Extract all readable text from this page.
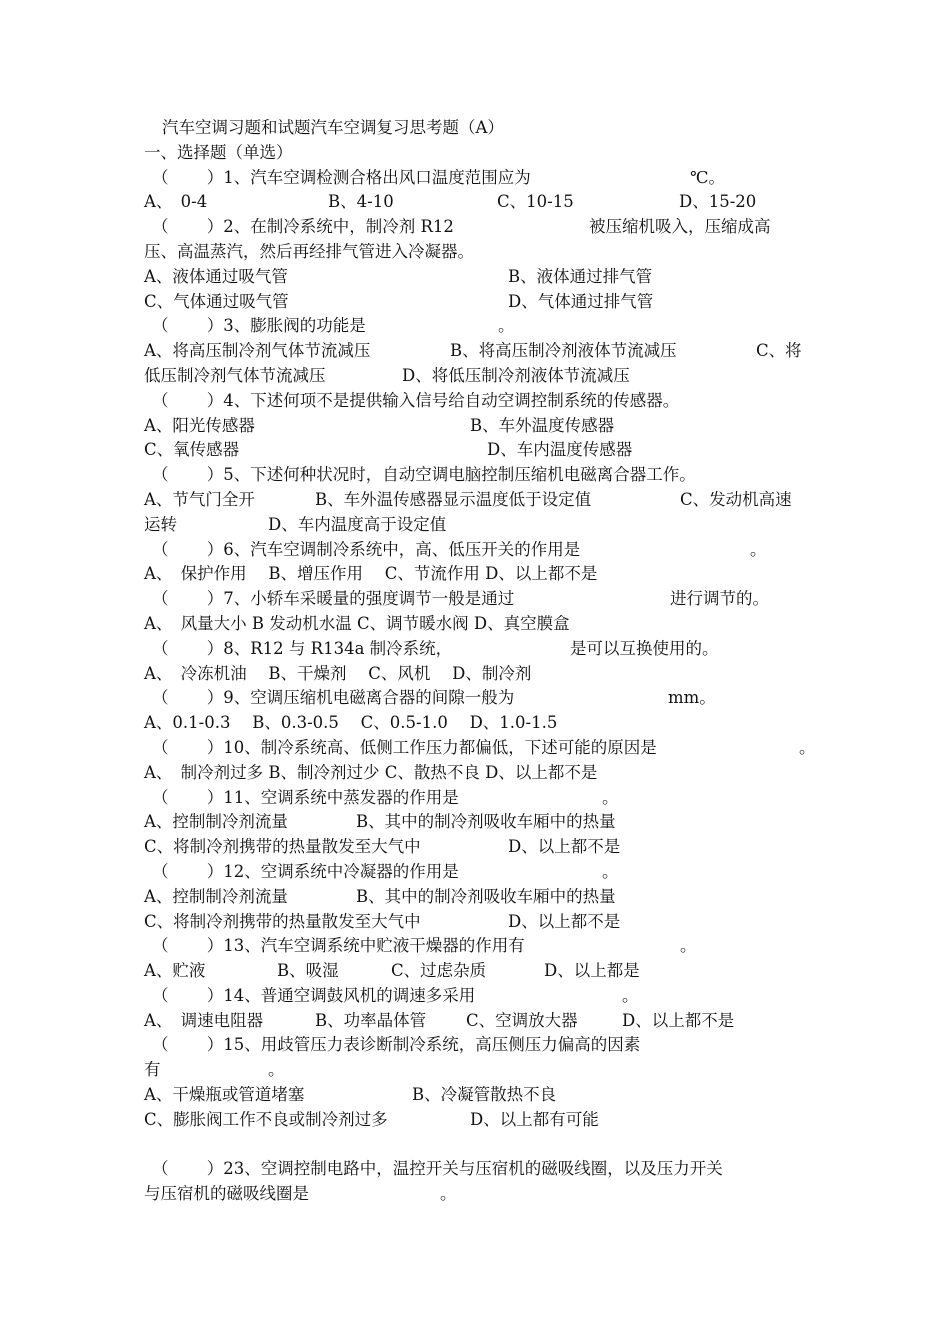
汽车空调习题和试题汽车空调复习思考题（A）
一、选择题（单选）

（　　 ）1、汽车空调检测合格出风口温度范围应为

	℃。

A、　0-4

	B、4-10

	C、10-15

	D、15-20

（　　 ）2、在制冷系统中，制冷剂 R12

	被压缩机吸入，压缩成高

压、高温蒸汽，然后再经排气管进入冷凝器。

A、液体通过吸气管

	B、液体通过排气管

C、气体通过吸气管

	D、气体通过排气管

（　　 ）3、膨胀阀的功能是

	。

A、将高压制冷剂气体节流减压

	B、将高压制冷剂液体节流减压

	C、将

低压制冷剂气体节流减压

	D、将低压制冷剂液体节流减压

（　　 ）4、下述何项不是提供输入信号给自动空调控制系统的传感器。

A、阳光传感器

	B、车外温度传感器

C、氧传感器

	D、车内温度传感器

（　　 ）5、下述何种状况时，自动空调电脑控制压缩机电磁离合器工作。

A、节气门全开

	B、车外温传感器显示温度低于设定值

	C、发动机高速

运转

	D、车内温度高于设定值

（　　 ）6、汽车空调制冷系统中，高、低压开关的作用是

	。

A、　保护作用　 B、增压作用　 C、节流作用 D、以上都不是

（　　 ）7、小轿车采暖量的强度调节一般是通过

	进行调节的。

A、　风量大小 B 发动机水温 C、调节暖水阀 D、真空膜盒

（　　 ）8、R12 与 R134a 制冷系统，

	是可以互换使用的。

A、　冷冻机油　 B、干燥剂　 C、风机　 D、制冷剂

（　　 ）9、空调压缩机电磁离合器的间隙一般为

	mm。

A、0.1-0.3　 B、0.3-0.5　 C、0.5-1.0　 D、1.0-1.5

（　　 ）10、制冷系统高、低侧工作压力都偏低，下述可能的原因是

	。

A、　制冷剂过多 B、制冷剂过少 C、散热不良 D、以上都不是

（　　 ）11、空调系统中蒸发器的作用是

	。

A、控制制冷剂流量

	B、其中的制冷剂吸收车厢中的热量

C、将制冷剂携带的热量散发至大气中

	D、以上都不是

（　　 ）12、空调系统中冷凝器的作用是

	。

A、控制制冷剂流量

	B、其中的制冷剂吸收车厢中的热量

C、将制冷剂携带的热量散发至大气中

	D、以上都不是

（　　 ）13、汽车空调系统中贮液干燥器的作用有

	。

A、贮液

	B、吸湿

	C、过虑杂质

	D、以上都是

（　　 ）14、普通空调鼓风机的调速多采用

	。

A、　调速电阻器

	B、功率晶体管

C、空调放大器

	D、以上都不是

（　　 ）15、用歧管压力表诊断制冷系统，高压侧压力偏高的因素

有

	。

A、干燥瓶或管道堵塞

	B、冷凝管散热不良

C、膨胀阀工作不良或制冷剂过多

	D、以上都有可能

（　　 ）23、空调控制电路中，温控开关与压宿机的磁吸线圈，以及压力开关

与压宿机的磁吸线圈是

	。
